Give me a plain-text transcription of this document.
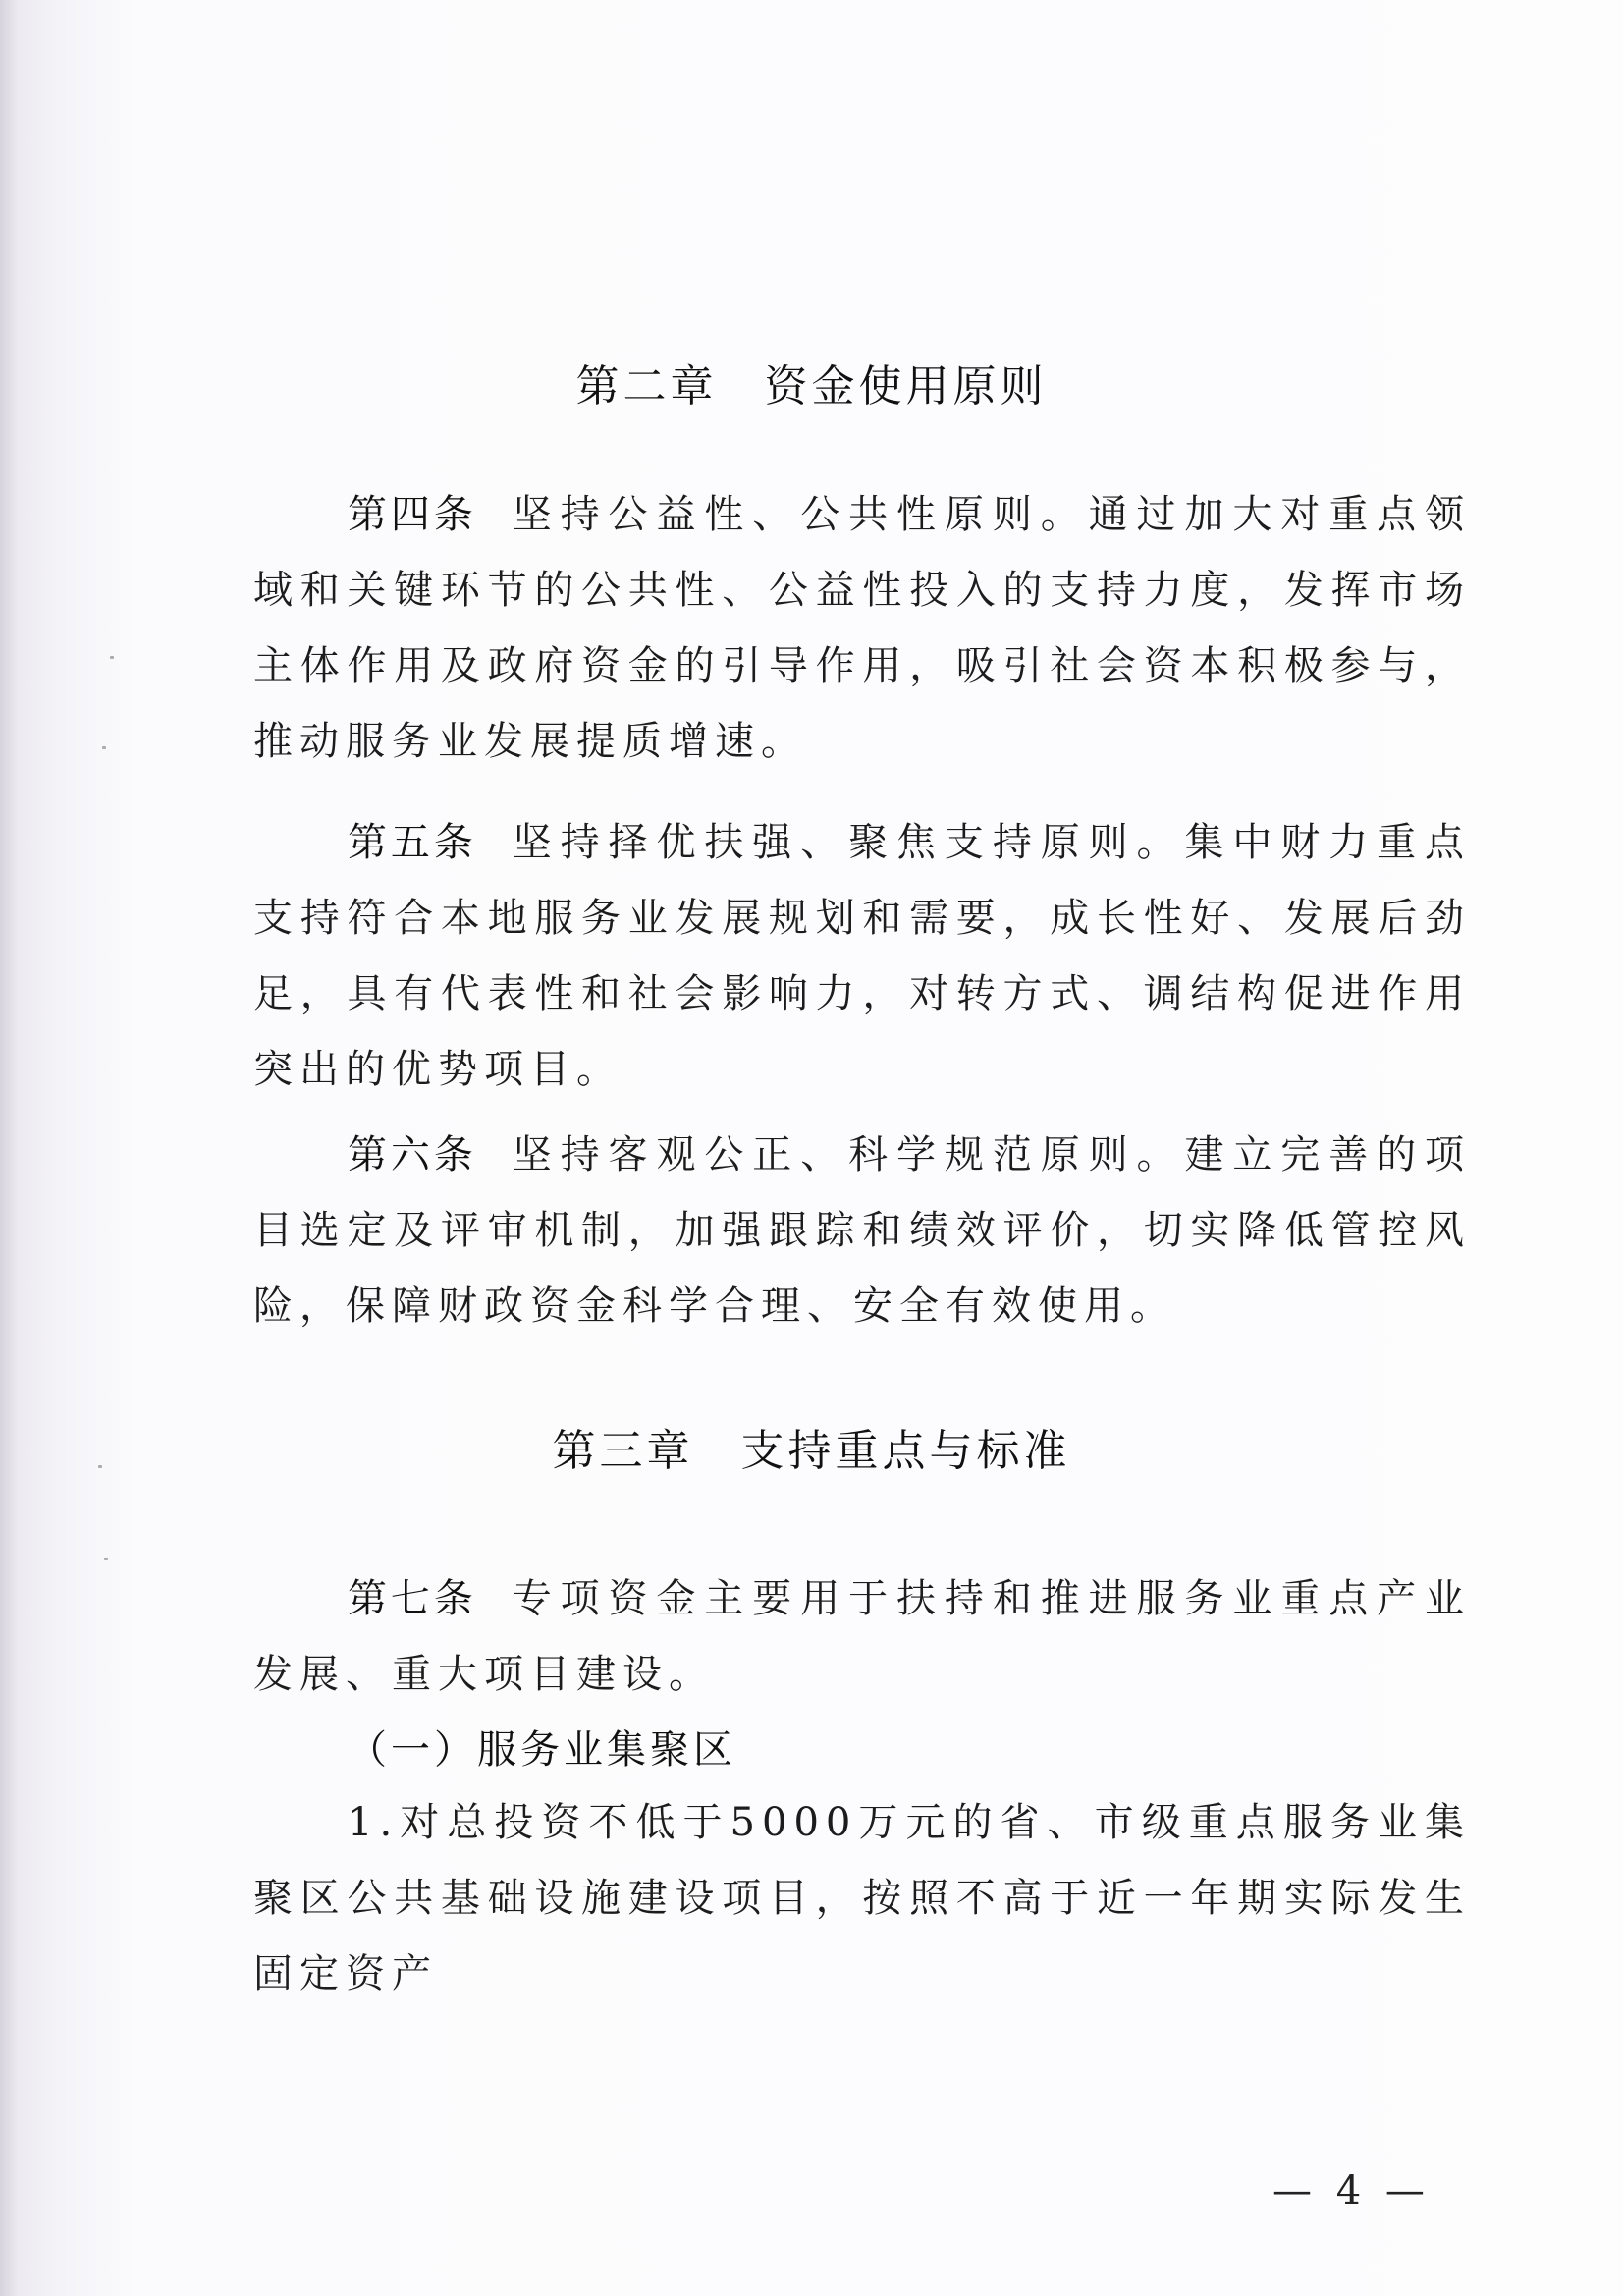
第二章　资金使用原则

第四条 坚持公益性、公共性原则。通过加大对重点领域和关键环节的公共性、公益性投入的支持力度，发挥市场主体作用及政府资金的引导作用，吸引社会资本积极参与，推动服务业发展提质增速。

第五条 坚持择优扶强、聚焦支持原则。集中财力重点支持符合本地服务业发展规划和需要，成长性好、发展后劲足，具有代表性和社会影响力，对转方式、调结构促进作用突出的优势项目。

第六条 坚持客观公正、科学规范原则。建立完善的项目选定及评审机制，加强跟踪和绩效评价，切实降低管控风险，保障财政资金科学合理、安全有效使用。

第三章　支持重点与标准

第七条 专项资金主要用于扶持和推进服务业重点产业发展、重大项目建设。

（一）服务业集聚区

1.对总投资不低于5000万元的省、市级重点服务业集聚区公共基础设施建设项目，按照不高于近一年期实际发生固定资产

— 4 —
